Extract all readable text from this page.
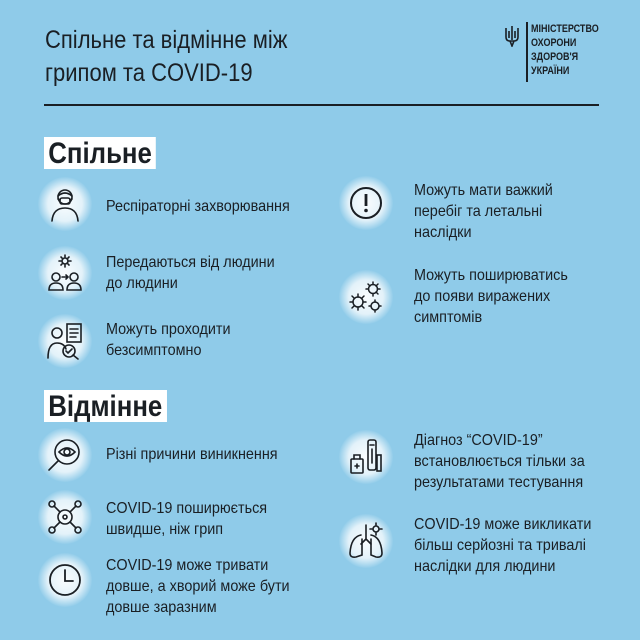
Спільне та відмінне між
грипом та COVID-19
МІНІСТЕРСТВО
ОХОРОНИ
ЗДОРОВ'Я
УКРАЇНИ
Спільне
Респіраторні захворювання
Передаються від людини
до людини
Можуть проходити
безсимптомно
Можуть мати важкий
перебіг та летальні
наслідки
Можуть поширюватись
до появи виражених
симптомів
Відмінне
Різні причини виникнення
COVID-19 поширюється
швидше, ніж грип
COVID-19 може тривати
довше, а хворий може бути
довше заразним
Діагноз “COVID-19”
встановлюється тільки за
результатами тестування
COVID-19 може викликати
більш серйозні та тривалі
наслідки для людини
